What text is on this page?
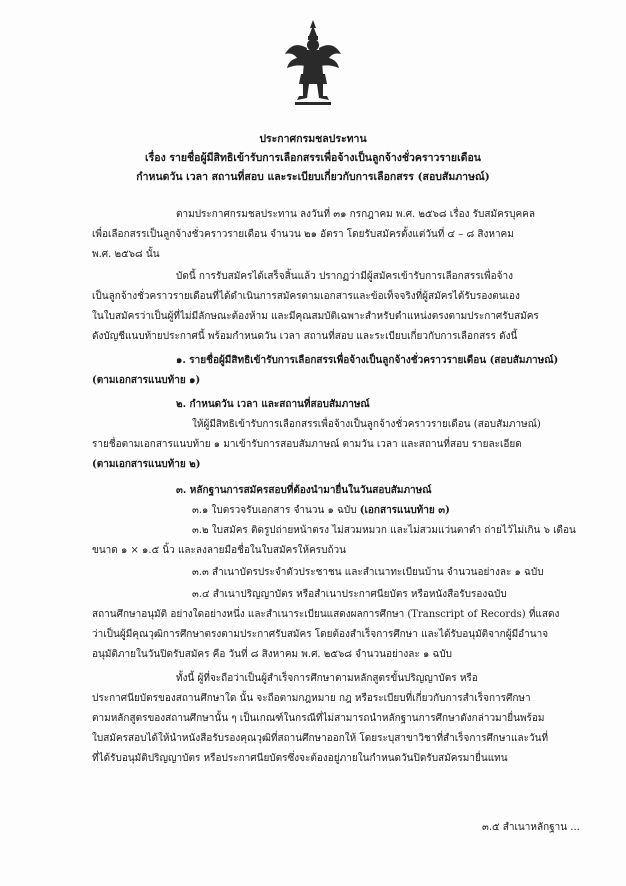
ประกาศกรมชลประทาน
เรื่อง รายชื่อผู้มีสิทธิเข้ารับการเลือกสรรเพื่อจ้างเป็นลูกจ้างชั่วคราวรายเดือน
กำหนดวัน เวลา สถานที่สอบ และระเบียบเกี่ยวกับการเลือกสรร (สอบสัมภาษณ์)
ตามประกาศกรมชลประทาน ลงวันที่ ๓๑ กรกฎาคม พ.ศ. ๒๕๖๘ เรื่อง รับสมัครบุคคล
เพื่อเลือกสรรเป็นลูกจ้างชั่วคราวรายเดือน จำนวน ๒๑ อัตรา โดยรับสมัครตั้งแต่วันที่ ๔ – ๘ สิงหาคม
พ.ศ. ๒๕๖๘ นั้น
บัดนี้ การรับสมัครได้เสร็จสิ้นแล้ว ปรากฏว่ามีผู้สมัครเข้ารับการเลือกสรรเพื่อจ้าง
เป็นลูกจ้างชั่วคราวรายเดือนที่ได้ดำเนินการสมัครตามเอกสารและข้อเท็จจริงที่ผู้สมัครได้รับรองตนเอง
ในใบสมัครว่าเป็นผู้ที่ไม่มีลักษณะต้องห้าม และมีคุณสมบัติเฉพาะสำหรับตำแหน่งตรงตามประกาศรับสมัคร
ดังบัญชีแนบท้ายประกาศนี้ พร้อมกำหนดวัน เวลา สถานที่สอบ และระเบียบเกี่ยวกับการเลือกสรร ดังนี้
๑. รายชื่อผู้มีสิทธิเข้ารับการเลือกสรรเพื่อจ้างเป็นลูกจ้างชั่วคราวรายเดือน (สอบสัมภาษณ์)
(ตามเอกสารแนบท้าย ๑)
๒. กำหนดวัน เวลา และสถานที่สอบสัมภาษณ์
ให้ผู้มีสิทธิเข้ารับการเลือกสรรเพื่อจ้างเป็นลูกจ้างชั่วคราวรายเดือน (สอบสัมภาษณ์)
รายชื่อตามเอกสารแนบท้าย ๑ มาเข้ารับการสอบสัมภาษณ์ ตามวัน เวลา และสถานที่สอบ รายละเอียด
(ตามเอกสารแนบท้าย ๒)
๓. หลักฐานการสมัครสอบที่ต้องนำมายื่นในวันสอบสัมภาษณ์
๓.๑ ใบตรวจรับเอกสาร จำนวน ๑ ฉบับ (เอกสารแนบท้าย ๓)
๓.๒ ใบสมัคร ติดรูปถ่ายหน้าตรง ไม่สวมหมวก และไม่สวมแว่นตาดำ ถ่ายไว้ไม่เกิน ๖ เดือน
ขนาด ๑ × ๑.๕ นิ้ว และลงลายมือชื่อในใบสมัครให้ครบถ้วน
๓.๓ สำเนาบัตรประจำตัวประชาชน และสำเนาทะเบียนบ้าน จำนวนอย่างละ ๑ ฉบับ
๓.๔ สำเนาปริญญาบัตร หรือสำเนาประกาศนียบัตร หรือหนังสือรับรองฉบับ
สถานศึกษาอนุมัติ อย่างใดอย่างหนึ่ง และสำเนาระเบียนแสดงผลการศึกษา (Transcript of Records) ที่แสดง
ว่าเป็นผู้มีคุณวุฒิการศึกษาตรงตามประกาศรับสมัคร โดยต้องสำเร็จการศึกษา และได้รับอนุมัติจากผู้มีอำนาจ
อนุมัติภายในวันปิดรับสมัคร คือ วันที่ ๘ สิงหาคม พ.ศ. ๒๕๖๘ จำนวนอย่างละ ๑ ฉบับ
ทั้งนี้ ผู้ที่จะถือว่าเป็นผู้สำเร็จการศึกษาตามหลักสูตรขั้นปริญญาบัตร หรือ
ประกาศนียบัตรของสถานศึกษาใด นั้น จะถือตามกฎหมาย กฎ หรือระเบียบที่เกี่ยวกับการสำเร็จการศึกษา
ตามหลักสูตรของสถานศึกษานั้น ๆ เป็นเกณฑ์ในกรณีที่ไม่สามารถนำหลักฐานการศึกษาดังกล่าวมายื่นพร้อม
ใบสมัครสอบได้ให้นำหนังสือรับรองคุณวุฒิที่สถานศึกษาออกให้ โดยระบุสาขาวิชาที่สำเร็จการศึกษาและวันที่
ที่ได้รับอนุมัติปริญญาบัตร หรือประกาศนียบัตรซึ่งจะต้องอยู่ภายในกำหนดวันปิดรับสมัครมายื่นแทน
๓.๕ สำเนาหลักฐาน ...
